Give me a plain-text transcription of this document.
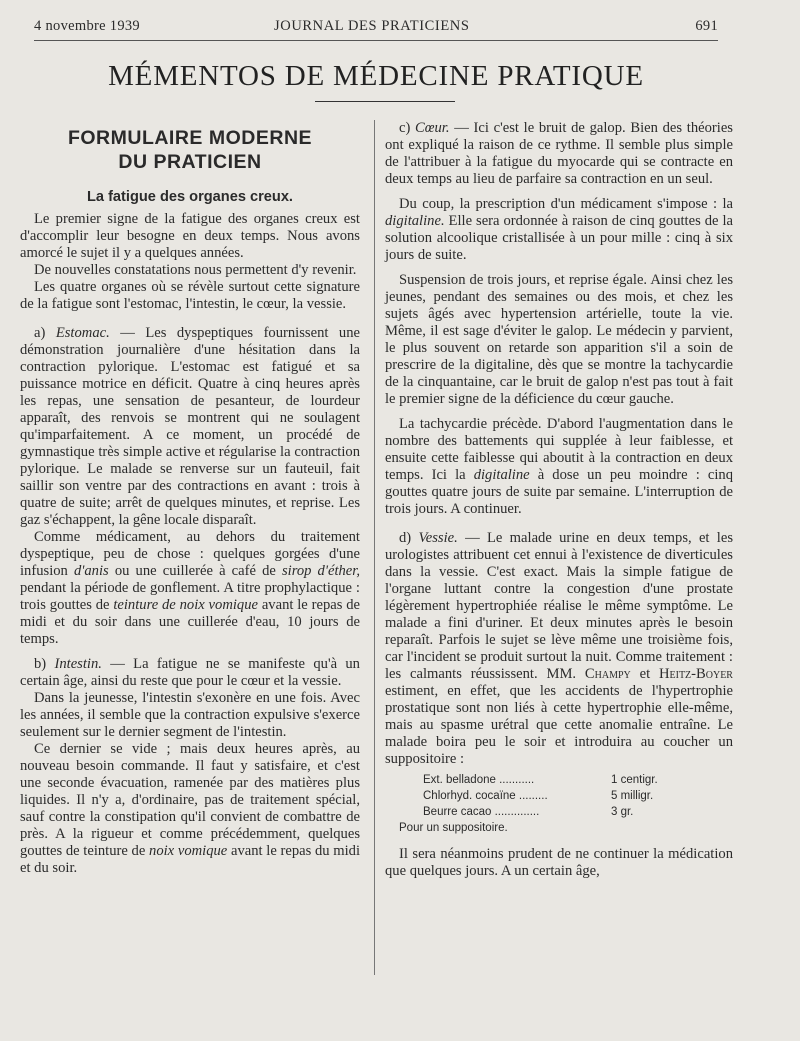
4 novembre 1939	JOURNAL DES PRATICIENS	691
MÉMENTOS DE MÉDECINE PRATIQUE
FORMULAIRE MODERNE
DU PRATICIEN
La fatigue des organes creux.

Le premier signe de la fatigue des organes creux est d'accomplir leur besogne en deux temps. Nous avons amorcé le sujet il y a quelques années.

De nouvelles constatations nous permettent d'y revenir.

Les quatre organes où se révèle surtout cette signature de la fatigue sont l'estomac, l'intestin, le cœur, la vessie.

a) Estomac. — Les dyspeptiques fournissent une démonstration journalière d'une hésitation dans la contraction pylorique. L'estomac est fatigué et sa puissance motrice en déficit. Quatre à cinq heures après les repas, une sensation de pesanteur, de lourdeur apparaît, des renvois se montrent qui ne soulagent qu'imparfaitement. A ce moment, un procédé de gymnastique très simple active et régularise la contraction pylorique. Le malade se renverse sur un fauteuil, fait saillir son ventre par des contractions en avant : trois à quatre de suite; arrêt de quelques minutes, et reprise. Les gaz s'échappent, la gêne locale disparaît.

Comme médicament, au dehors du traitement dyspeptique, peu de chose : quelques gorgées d'une infusion d'anis ou une cuillerée à café de sirop d'éther, pendant la période de gonflement. A titre prophylactique : trois gouttes de teinture de noix vomique avant le repas de midi et du soir dans une cuillerée d'eau, 10 jours de temps.

b) Intestin. — La fatigue ne se manifeste qu'à un certain âge, ainsi du reste que pour le cœur et la vessie.

Dans la jeunesse, l'intestin s'exonère en une fois. Avec les années, il semble que la contraction expulsive s'exerce seulement sur le dernier segment de l'intestin.

Ce dernier se vide ; mais deux heures après, au nouveau besoin commande. Il faut y satisfaire, et c'est une seconde évacuation, ramenée par des matières plus liquides. Il n'y a, d'ordinaire, pas de traitement spécial, sauf contre la constipation qu'il convient de combattre de près. A la rigueur et comme précédemment, quelques gouttes de teinture de noix vomique avant le repas du midi et du soir.

c) Cœur. — Ici c'est le bruit de galop. Bien des théories ont expliqué la raison de ce rythme. Il semble plus simple de l'attribuer à la fatigue du myocarde qui se contracte en deux temps au lieu de parfaire sa contraction en un seul.

Du coup, la prescription d'un médicament s'impose : la digitaline. Elle sera ordonnée à raison de cinq gouttes de la solution alcoolique cristallisée à un pour mille : cinq à six jours de suite.

Suspension de trois jours, et reprise égale. Ainsi chez les jeunes, pendant des semaines ou des mois, et chez les sujets âgés avec hypertension artérielle, toute la vie. Même, il est sage d'éviter le galop. Le médecin y parvient, le plus souvent on retarde son apparition s'il a soin de prescrire de la digitaline, dès que se montre la tachycardie de la cinquantaine, car le bruit de galop n'est pas tout à fait le premier signe de la déficience du cœur gauche.

La tachycardie précède. D'abord l'augmentation dans le nombre des battements qui supplée à leur faiblesse, et ensuite cette faiblesse qui aboutit à la contraction en deux temps. Ici la digitaline à dose un peu moindre : cinq gouttes quatre jours de suite par semaine. L'interruption de trois jours. A continuer.

d) Vessie. — Le malade urine en deux temps, et les urologistes attribuent cet ennui à l'existence de diverticules dans la vessie. C'est exact. Mais la simple fatigue de l'organe luttant contre la congestion d'une prostate légèrement hypertrophiée réalise le même symptôme. Le malade a fini d'uriner. Et deux minutes après le besoin reparaît. Parfois le sujet se lève même une troisième fois, car l'incident se produit surtout la nuit. Comme traitement : les calmants réussissent. MM. Champy et Heitz-Boyer estiment, en effet, que les accidents de l'hypertrophie prostatique sont non liés à cette hypertrophie elle-même, mais au spasme urétral que cette anomalie entraîne. Le malade boira peu le soir et introduira au coucher un suppositoire :

Ext. belladone ...........	1 centigr.
Chlorhyd. cocaïne .........	5 milligr.
Beurre cacao ..............	3 gr.
Pour un suppositoire.

Il sera néanmoins prudent de ne continuer la médication que quelques jours. A un certain âge,
